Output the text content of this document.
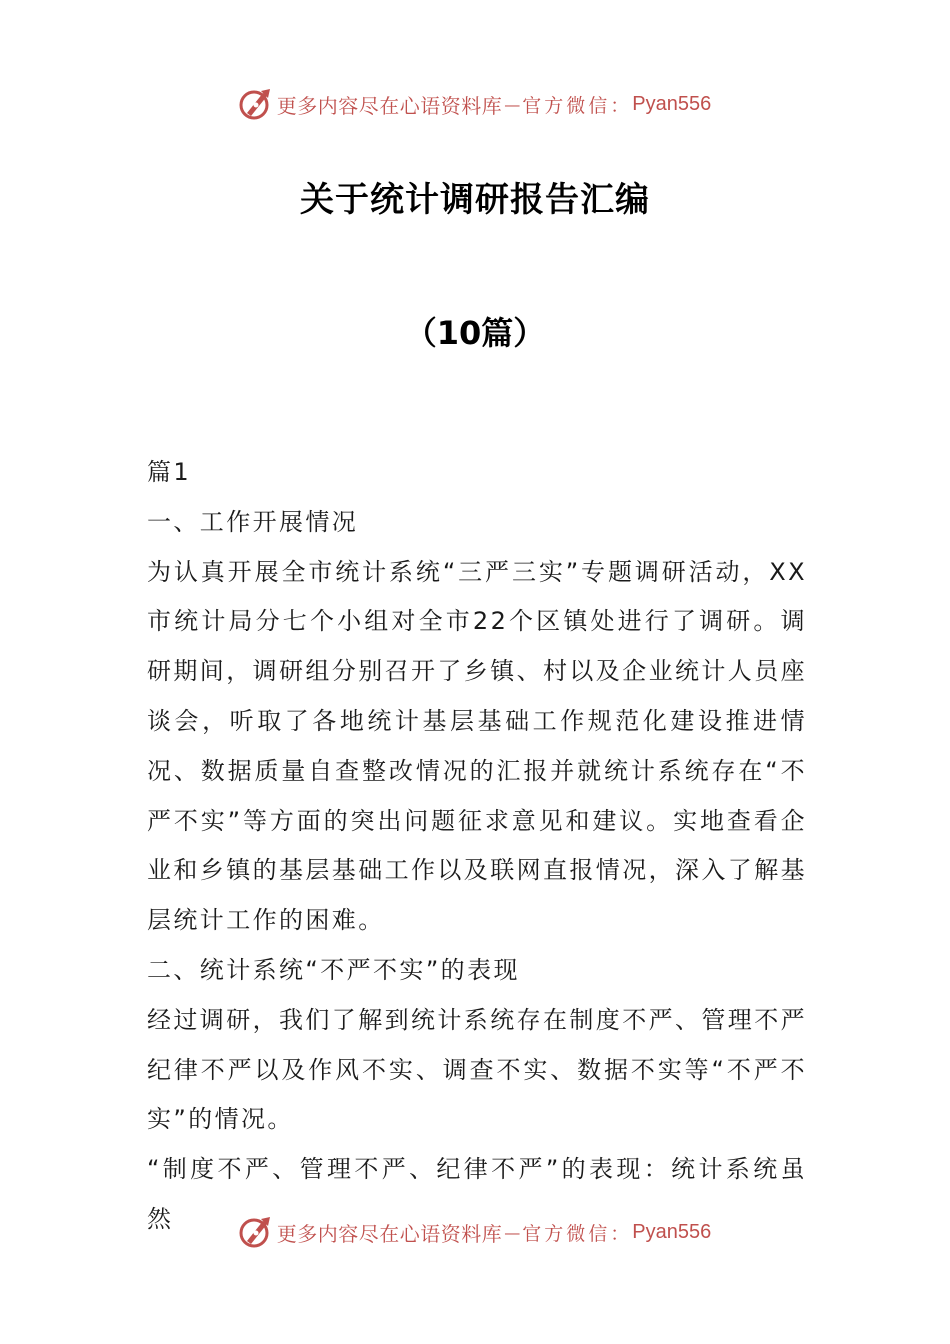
更多内容尽在心语资料库 — 官方微信： Pyan556
关于统计调研报告汇编
（10篇）

篇1

一、工作开展情况

为认真开展全市统计系统“三严三实”专题调研活动，XX市统计局分七个小组对全市22个区镇处进行了调研。调研期间，调研组分别召开了乡镇、村以及企业统计人员座谈会，听取了各地统计基层基础工作规范化建设推进情况、数据质量自查整改情况的汇报并就统计系统存在“不严不实”等方面的突出问题征求意见和建议。实地查看企业和乡镇的基层基础工作以及联网直报情况，深入了解基层统计工作的困难。

二、统计系统“不严不实”的表现

经过调研，我们了解到统计系统存在制度不严、管理不严纪律不严以及作风不实、调查不实、数据不实等“不严不实”的情况。

“制度不严、管理不严、纪律不严”的表现：统计系统虽然

更多内容尽在心语资料库 — 官方微信： Pyan556
